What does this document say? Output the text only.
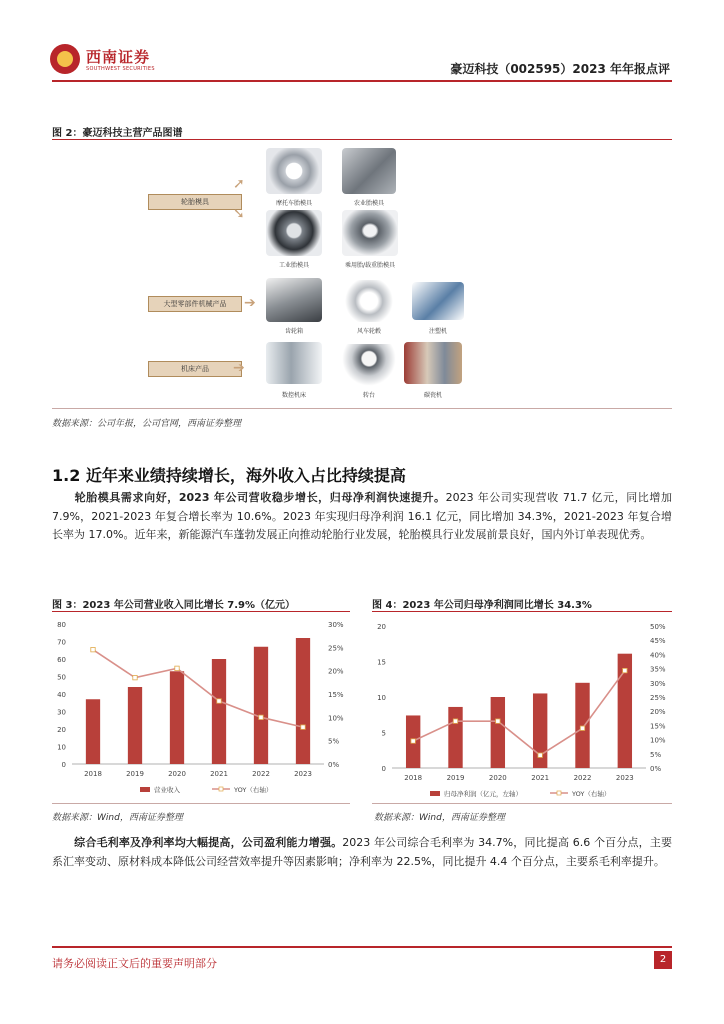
西南证券
SOUTHWEST SECURITIES	豪迈科技（002595）2023 年年报点评
图 2：豪迈科技主营产品图谱
轮胎模具
大型零部件机械产品
机床产品
➚
➘
➔
➔
摩托车胎模具	农业胎模具
工业胎模具	乘用胎/载重胎模具
齿轮箱	风车轮毂	注塑机
数控机床	转台	碳瓷机
数据来源：公司年报，公司官网，西南证券整理
1.2 近年来业绩持续增长，海外收入占比持续提高
轮胎模具需求向好，2023 年公司营收稳步增长，归母净利润快速提升。2023 年公司实现营收 71.7 亿元，同比增加 7.9%，2021-2023 年复合增长率为 10.6%。2023 年实现归母净利润 16.1 亿元，同比增加 34.3%，2021-2023 年复合增长率为 17.0%。近年来，新能源汽车蓬勃发展正向推动轮胎行业发展，轮胎模具行业发展前景良好，国内外订单表现优秀。
图 3：2023 年公司营业收入同比增长 7.9%（亿元）
0
10
20
30
40
50
60
70
80
0%
5%
10%
15%
20%
25%
30%
2018	2019	2020	2021	2022	2023
营业收入	YOY（右轴）
数据来源：Wind，西南证券整理
图 4：2023 年公司归母净利润同比增长 34.3%
0
5
10
15
20
0%
5%
10%
15%
20%
25%
30%
35%
40%
45%
50%
2018	2019	2020	2021	2022	2023
归母净利润（亿元，左轴）	YOY（右轴）
数据来源：Wind，西南证券整理
综合毛利率及净利率均大幅提高，公司盈利能力增强。2023 年公司综合毛利率为 34.7%，同比提高 6.6 个百分点，主要系汇率变动、原材料成本降低公司经营效率提升等因素影响；净利率为 22.5%，同比提升 4.4 个百分点，主要系毛利率提升。
请务必阅读正文后的重要声明部分	2
